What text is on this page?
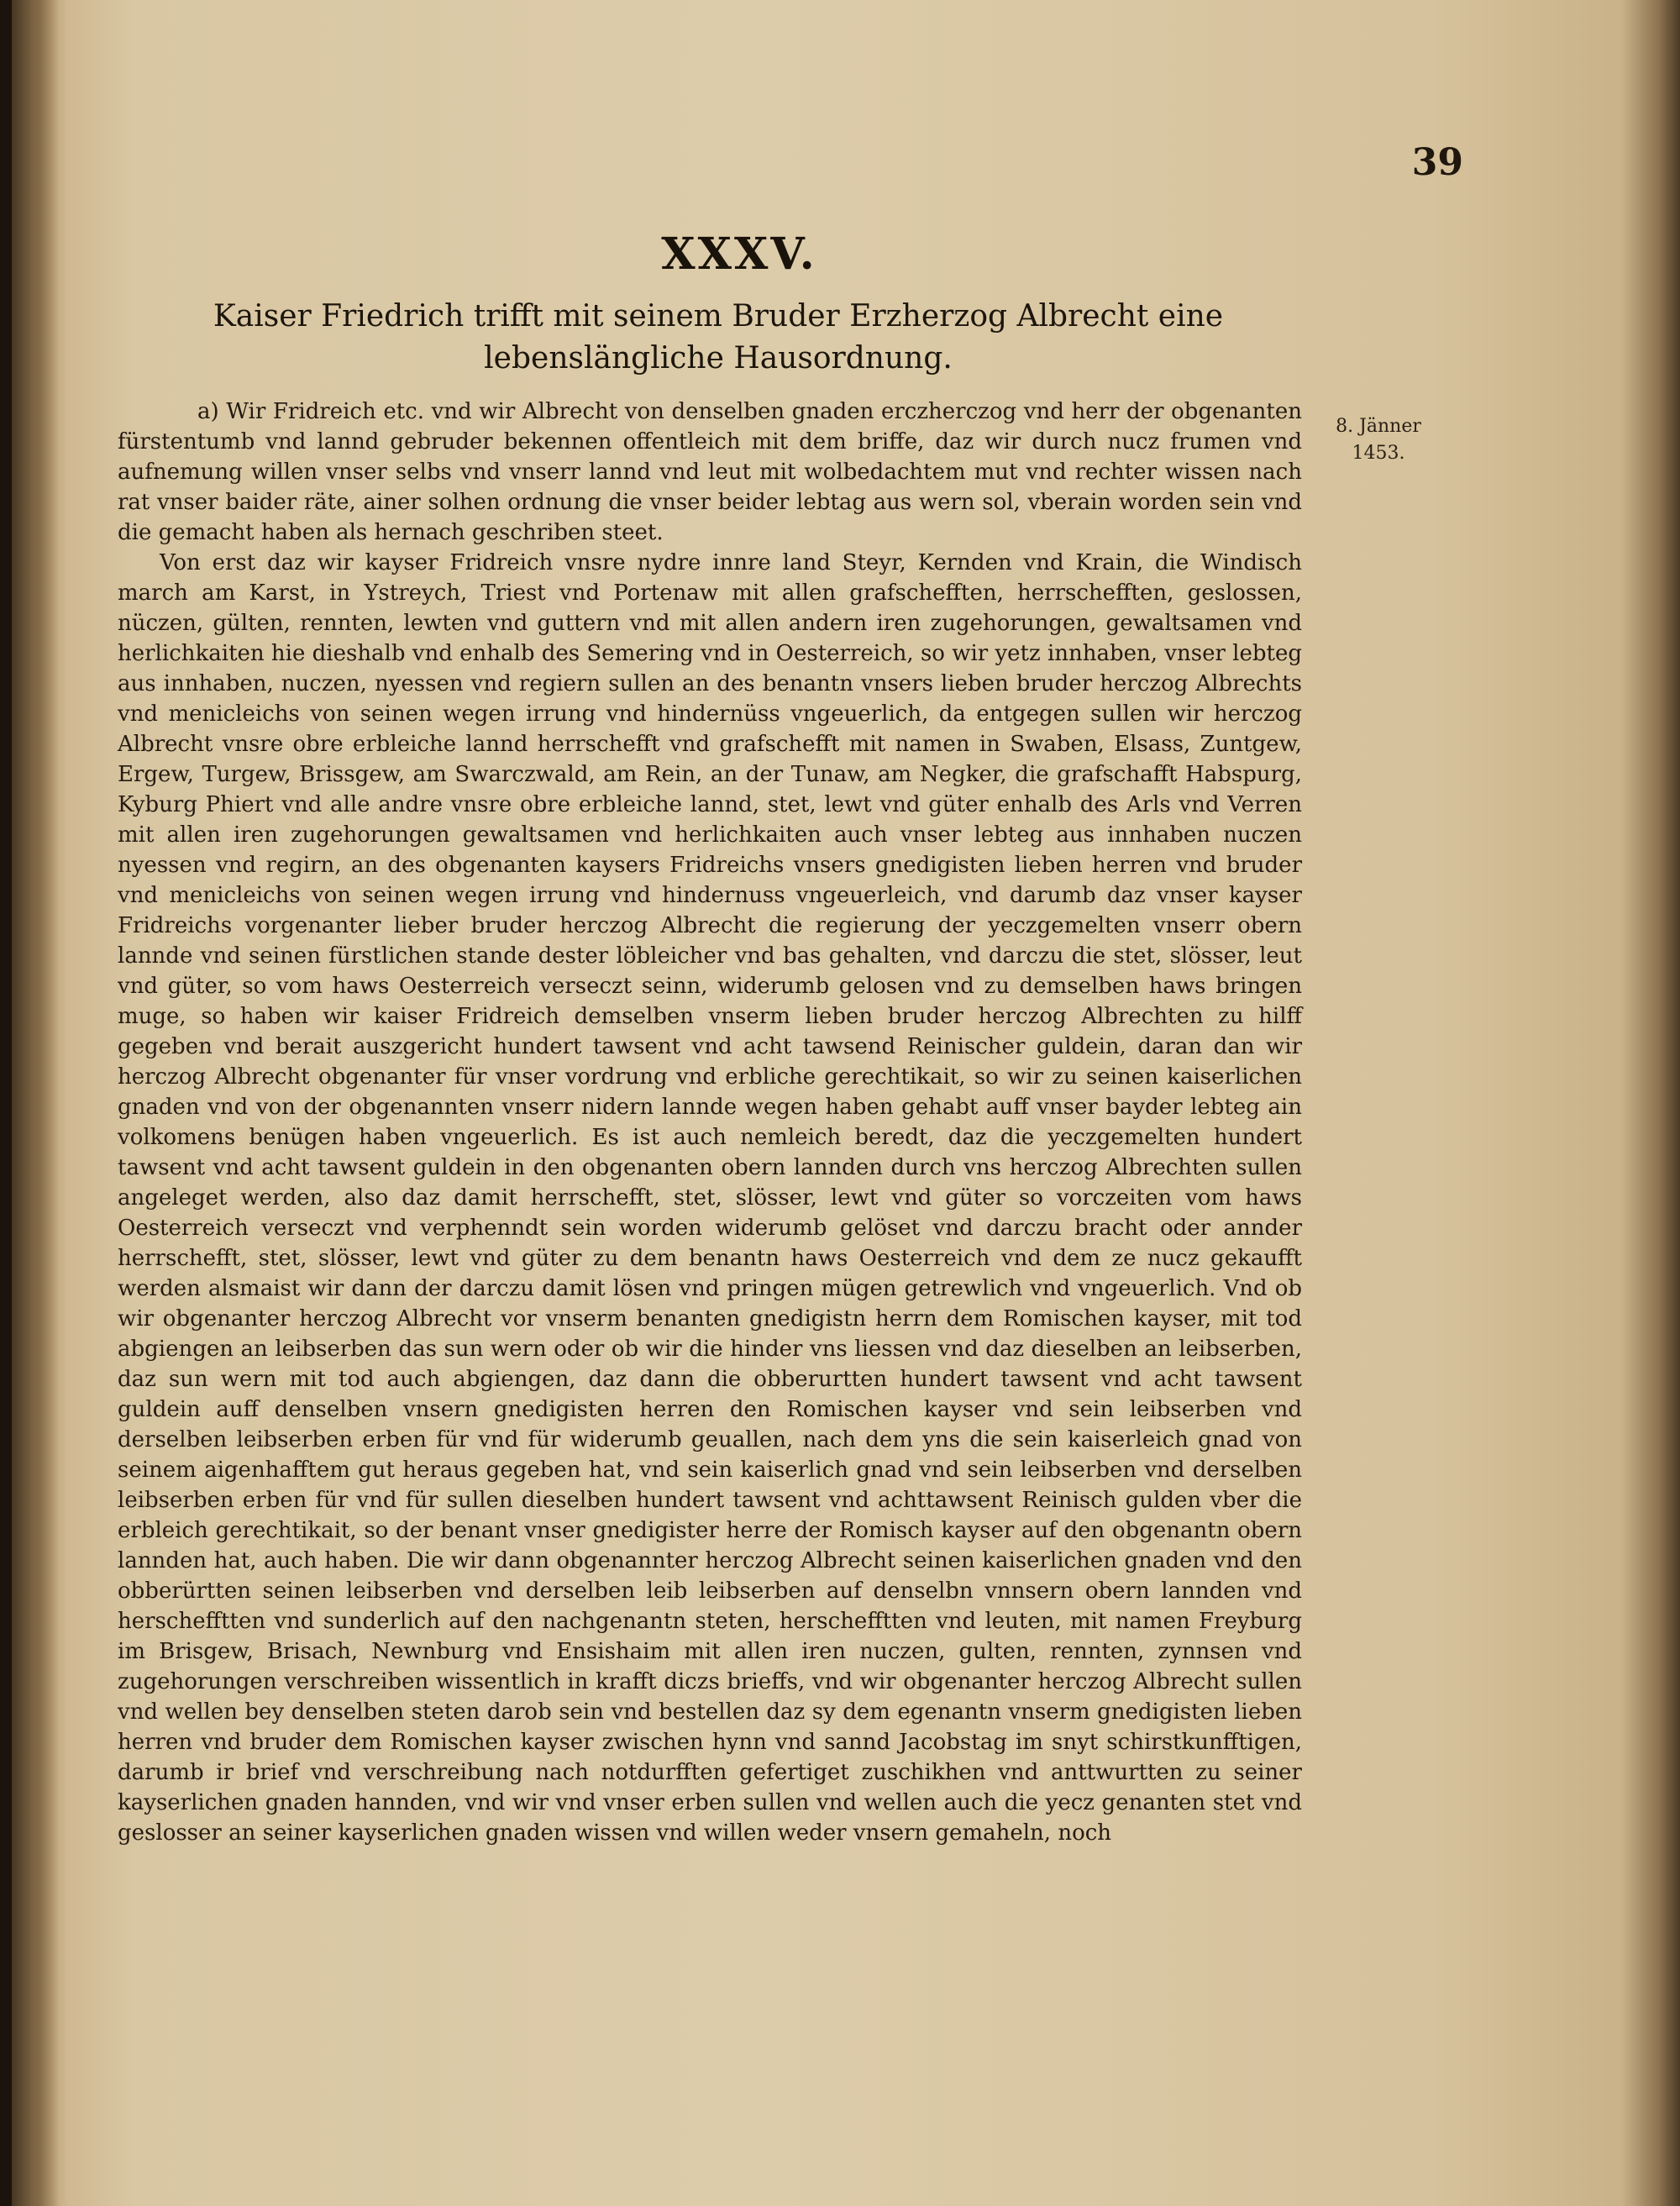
39
XXXV.
Kaiser Friedrich trifft mit seinem Bruder Erzherzog Albrecht eine lebenslängliche Hausordnung.
8. Jänner
1453.

a) Wir Fridreich etc. vnd wir Albrecht von denselben gnaden erczherczog vnd herr der obgenanten fürstentumb vnd lannd gebruder bekennen offentleich mit dem briffe, daz wir durch nucz frumen vnd aufnemung willen vnser selbs vnd vnserr lannd vnd leut mit wolbedachtem mut vnd rechter wissen nach rat vnser baider räte, ainer solhen ordnung die vnser beider lebtag aus wern sol, vberain worden sein vnd die gemacht haben als hernach geschriben steet.

Von erst daz wir kayser Fridreich vnsre nydre innre land Steyr, Kernden vnd Krain, die Windisch march am Karst, in Ystreych, Triest vnd Portenaw mit allen grafschefften, herrschefften, geslossen, nüczen, gülten, rennten, lewten vnd guttern vnd mit allen andern iren zugehorungen, gewaltsamen vnd herlichkaiten hie dieshalb vnd enhalb des Semering vnd in Oesterreich, so wir yetz innhaben, vnser lebteg aus innhaben, nuczen, nyessen vnd regiern sullen an des benantn vnsers lieben bruder herczog Albrechts vnd menicleichs von seinen wegen irrung vnd hindernüss vngeuerlich, da entgegen sullen wir herczog Albrecht vnsre obre erbleiche lannd herrschefft vnd grafschefft mit namen in Swaben, Elsass, Zuntgew, Ergew, Turgew, Brissgew, am Swarczwald, am Rein, an der Tunaw, am Negker, die grafschafft Habspurg, Kyburg Phiert vnd alle andre vnsre obre erbleiche lannd, stet, lewt vnd güter enhalb des Arls vnd Verren mit allen iren zugehorungen gewaltsamen vnd herlichkaiten auch vnser lebteg aus innhaben nuczen nyessen vnd regirn, an des obgenanten kaysers Fridreichs vnsers gnedigisten lieben herren vnd bruder vnd menicleichs von seinen wegen irrung vnd hindernuss vngeuerleich, vnd darumb daz vnser kayser Fridreichs vorgenanter lieber bruder herczog Albrecht die regierung der yeczgemelten vnserr obern lannde vnd seinen fürstlichen stande dester löbleicher vnd bas gehalten, vnd darczu die stet, slösser, leut vnd güter, so vom haws Oesterreich verseczt seinn, widerumb gelosen vnd zu demselben haws bringen muge, so haben wir kaiser Fridreich demselben vnserm lieben bruder herczog Albrechten zu hilff gegeben vnd berait auszgericht hundert tawsent vnd acht tawsend Reinischer guldein, daran dan wir herczog Albrecht obgenanter für vnser vordrung vnd erbliche gerechtikait, so wir zu seinen kaiserlichen gnaden vnd von der obgenannten vnserr nidern lannde wegen haben gehabt auff vnser bayder lebteg ain volkomens benügen haben vngeuerlich. Es ist auch nemleich beredt, daz die yeczgemelten hundert tawsent vnd acht tawsent guldein in den obgenanten obern lannden durch vns herczog Albrechten sullen angeleget werden, also daz damit herrschefft, stet, slösser, lewt vnd güter so vorczeiten vom haws Oesterreich verseczt vnd verphenndt sein worden widerumb gelöset vnd darczu bracht oder annder herrschefft, stet, slösser, lewt vnd güter zu dem benantn haws Oesterreich vnd dem ze nucz gekaufft werden alsmaist wir dann der darczu damit lösen vnd pringen mügen getrewlich vnd vngeuerlich. Vnd ob wir obgenanter herczog Albrecht vor vnserm benanten gnedigistn herrn dem Romischen kayser, mit tod abgiengen an leibserben das sun wern oder ob wir die hinder vns liessen vnd daz dieselben an leibserben, daz sun wern mit tod auch abgiengen, daz dann die obberurtten hundert tawsent vnd acht tawsent guldein auff denselben vnsern gnedigisten herren den Romischen kayser vnd sein leibserben vnd derselben leibserben erben für vnd für widerumb geuallen, nach dem yns die sein kaiserleich gnad von seinem aigenhafftem gut heraus gegeben hat, vnd sein kaiserlich gnad vnd sein leibserben vnd derselben leibserben erben für vnd für sullen dieselben hundert tawsent vnd achttawsent Reinisch gulden vber die erbleich gerechtikait, so der benant vnser gnedigister herre der Romisch kayser auf den obgenantn obern lannden hat, auch haben. Die wir dann obgenannter herczog Albrecht seinen kaiserlichen gnaden vnd den obberürtten seinen leibserben vnd derselben leib leibserben auf denselbn vnnsern obern lannden vnd herschefftten vnd sunderlich auf den nachgenantn steten, herschefftten vnd leuten, mit namen Freyburg im Brisgew, Brisach, Newnburg vnd Ensishaim mit allen iren nuczen, gulten, rennten, zynnsen vnd zugehorungen verschreiben wissentlich in krafft diczs brieffs, vnd wir obgenanter herczog Albrecht sullen vnd wellen bey denselben steten darob sein vnd bestellen daz sy dem egenantn vnserm gnedigisten lieben herren vnd bruder dem Romischen kayser zwischen hynn vnd sannd Jacobstag im snyt schirstkunfftigen, darumb ir brief vnd verschreibung nach notdurfften gefertiget zuschikhen vnd anttwurtten zu seiner kayserlichen gnaden hannden, vnd wir vnd vnser erben sullen vnd wellen auch die yecz genanten stet vnd geslosser an seiner kayserlichen gnaden wissen vnd willen weder vnsern gemaheln, noch
